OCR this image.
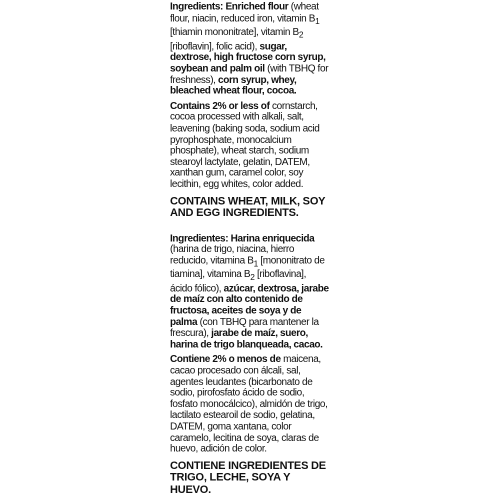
Ingredients: Enriched flour (wheat flour, niacin, reduced iron, vitamin $B_1$ [thiamin mononitrate], vitamin $B_2$ [riboflavin], folic acid), sugar, dextrose, high fructose corn syrup, soybean and palm oil (with TBHQ for freshness), corn syrup, whey, bleached wheat flour, cocoa.

Contains 2% or less of cornstarch, cocoa processed with alkali, salt, leavening (baking soda, sodium acid pyrophosphate, monocalcium phosphate), wheat starch, sodium stearoyl lactylate, gelatin, DATEM, xanthan gum, caramel color, soy lecithin, egg whites, color added.

CONTAINS WHEAT, MILK, SOY AND EGG INGREDIENTS.

Ingredientes: Harina enriquecida (harina de trigo, niacina, hierro reducido, vitamina $B_1$ [mononitrato de tiamina], vitamina $B_2$ [riboflavina], ácido fólico), azúcar, dextrosa, jarabe de maíz con alto contenido de fructosa, aceites de soya y de palma (con TBHQ para mantener la frescura), jarabe de maíz, suero, harina de trigo blanqueada, cacao.

Contiene 2% o menos de maicena, cacao procesado con álcali, sal, agentes leudantes (bicarbonato de sodio, pirofosfato ácido de sodio, fosfato monocálcico), almidón de trigo, lactilato estearoil de sodio, gelatina, DATEM, goma xantana, color caramelo, lecitina de soya, claras de huevo, adición de color.

CONTIENE INGREDIENTES DE TRIGO, LECHE, SOYA Y HUEVO.
